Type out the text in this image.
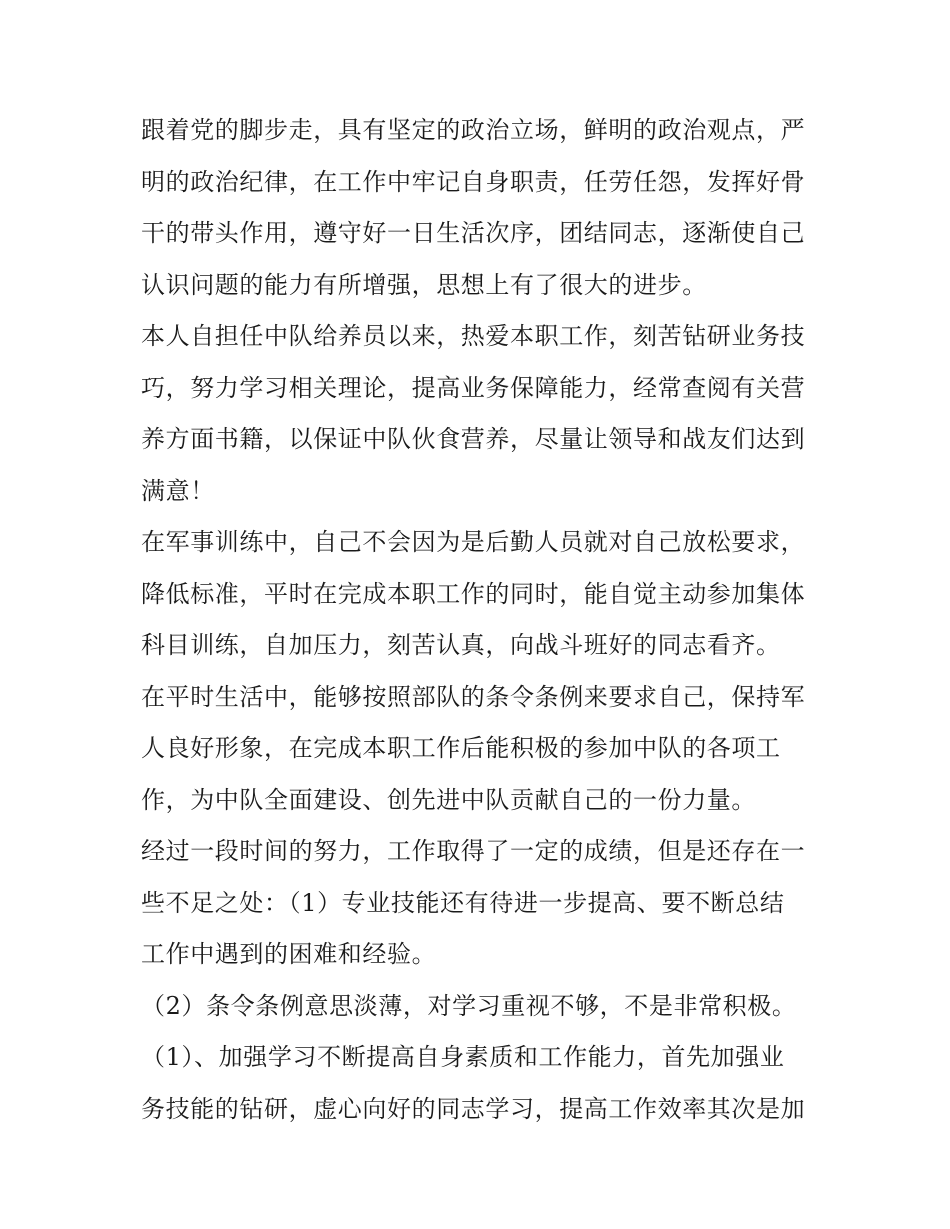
跟着党的脚步走，具有坚定的政治立场，鲜明的政治观点，严
明的政治纪律，在工作中牢记自身职责，任劳任怨，发挥好骨
干的带头作用，遵守好一日生活次序，团结同志，逐渐使自己
认识问题的能力有所增强，思想上有了很大的进步。
本人自担任中队给养员以来，热爱本职工作，刻苦钻研业务技
巧，努力学习相关理论，提高业务保障能力，经常查阅有关营
养方面书籍，以保证中队伙食营养，尽量让领导和战友们达到
满意！
在军事训练中，自己不会因为是后勤人员就对自己放松要求，
降低标准，平时在完成本职工作的同时，能自觉主动参加集体
科目训练，自加压力，刻苦认真，向战斗班好的同志看齐。
在平时生活中，能够按照部队的条令条例来要求自己，保持军
人良好形象，在完成本职工作后能积极的参加中队的各项工
作，为中队全面建设、创先进中队贡献自己的一份力量。
经过一段时间的努力，工作取得了一定的成绩，但是还存在一
些不足之处：（1）专业技能还有待进一步提高、要不断总结
工作中遇到的困难和经验。
（2）条令条例意思淡薄，对学习重视不够，不是非常积极。
（1）、加强学习不断提高自身素质和工作能力，首先加强业
务技能的钻研，虚心向好的同志学习，提高工作效率其次是加
